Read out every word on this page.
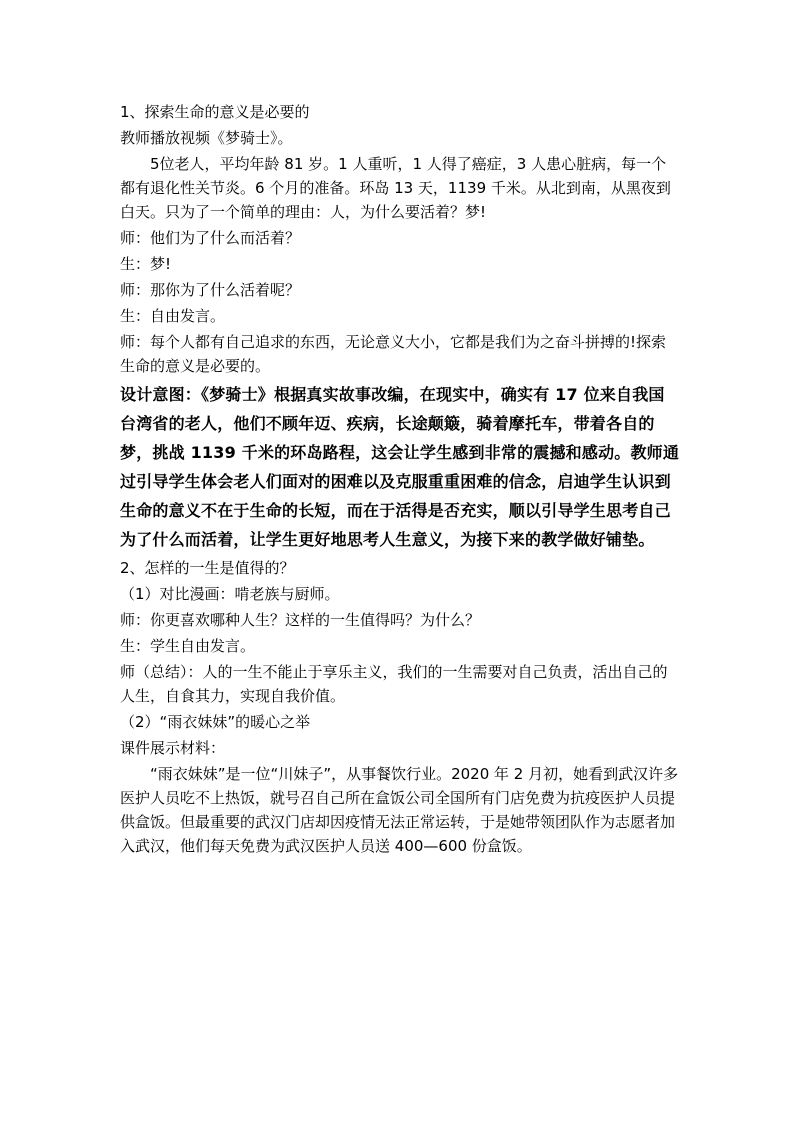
1、探索生命的意义是必要的

教师播放视频《梦骑士》。

5位老人，平均年龄 81 岁。1 人重听，1 人得了癌症，3 人患心脏病，每一个都有退化性关节炎。6 个月的准备。环岛 13 天，1139 千米。从北到南，从黑夜到白天。只为了一个简单的理由：人，为什么要活着？梦!

师：他们为了什么而活着？

生：梦!

师：那你为了什么活着呢？

生：自由发言。

师：每个人都有自己追求的东西，无论意义大小，它都是我们为之奋斗拼搏的!探索生命的意义是必要的。

设计意图：《梦骑士》根据真实故事改编，在现实中，确实有 17 位来自我国台湾省的老人，他们不顾年迈、疾病，长途颠簸，骑着摩托车，带着各自的梦，挑战 1139 千米的环岛路程，这会让学生感到非常的震撼和感动。教师通过引导学生体会老人们面对的困难以及克服重重困难的信念，启迪学生认识到生命的意义不在于生命的长短，而在于活得是否充实，顺以引导学生思考自己为了什么而活着，让学生更好地思考人生意义，为接下来的教学做好铺垫。

2、怎样的一生是值得的？

（1）对比漫画：啃老族与厨师。

师：你更喜欢哪种人生？这样的一生值得吗？为什么？

生：学生自由发言。

师（总结）：人的一生不能止于享乐主义，我们的一生需要对自己负责，活出自己的人生，自食其力，实现自我价值。

（2）“雨衣妹妹”的暖心之举

课件展示材料：

“雨衣妹妹”是一位“川妹子”，从事餐饮行业。2020 年 2 月初，她看到武汉许多医护人员吃不上热饭，就号召自己所在盒饭公司全国所有门店免费为抗疫医护人员提供盒饭。但最重要的武汉门店却因疫情无法正常运转，于是她带领团队作为志愿者加入武汉，他们每天免费为武汉医护人员送 400—600 份盒饭。
